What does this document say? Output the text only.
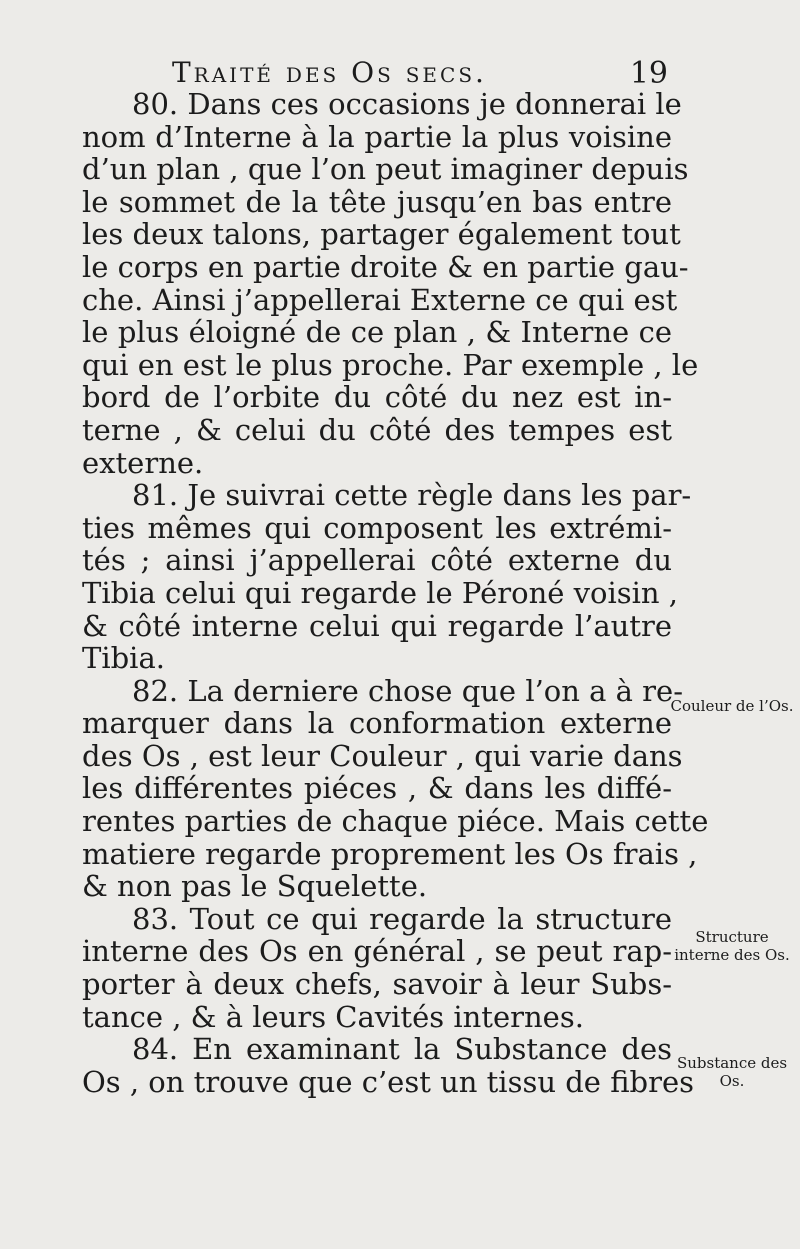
Traité des Os secs.	19
80. Dans ces occasions je donnerai le
nom d’Interne à la partie la plus voisine
d’un plan , que l’on peut imaginer depuis
le sommet de la tête jusqu’en bas entre
les deux talons, partager également tout
le corps en partie droite & en partie gau-
che. Ainsi j’appellerai Externe ce qui est
le plus éloigné de ce plan , & Interne ce
qui en est le plus proche. Par exemple , le
bord de l’orbite du côté du nez est in-
terne , & celui du côté des tempes est
externe.
81. Je suivrai cette règle dans les par-
ties mêmes qui composent les extrémi-
tés ; ainsi j’appellerai côté externe du
Tibia celui qui regarde le Péroné voisin ,
& côté interne celui qui regarde l’autre
Tibia.
82. La derniere chose que l’on a à re-
marquer dans la conformation externe
des Os , est leur Couleur , qui varie dans
les différentes piéces , & dans les diffé-
rentes parties de chaque piéce. Mais cette
matiere regarde proprement les Os frais ,
& non pas le Squelette.
83. Tout ce qui regarde la structure
interne des Os en général , se peut rap-
porter à deux chefs, savoir à leur Subs-
tance , & à leurs Cavités internes.
84. En examinant la Substance des
Os , on trouve que c’est un tissu de fibres
Couleur de l’Os.
Structure interne des Os.
Substance des Os.
